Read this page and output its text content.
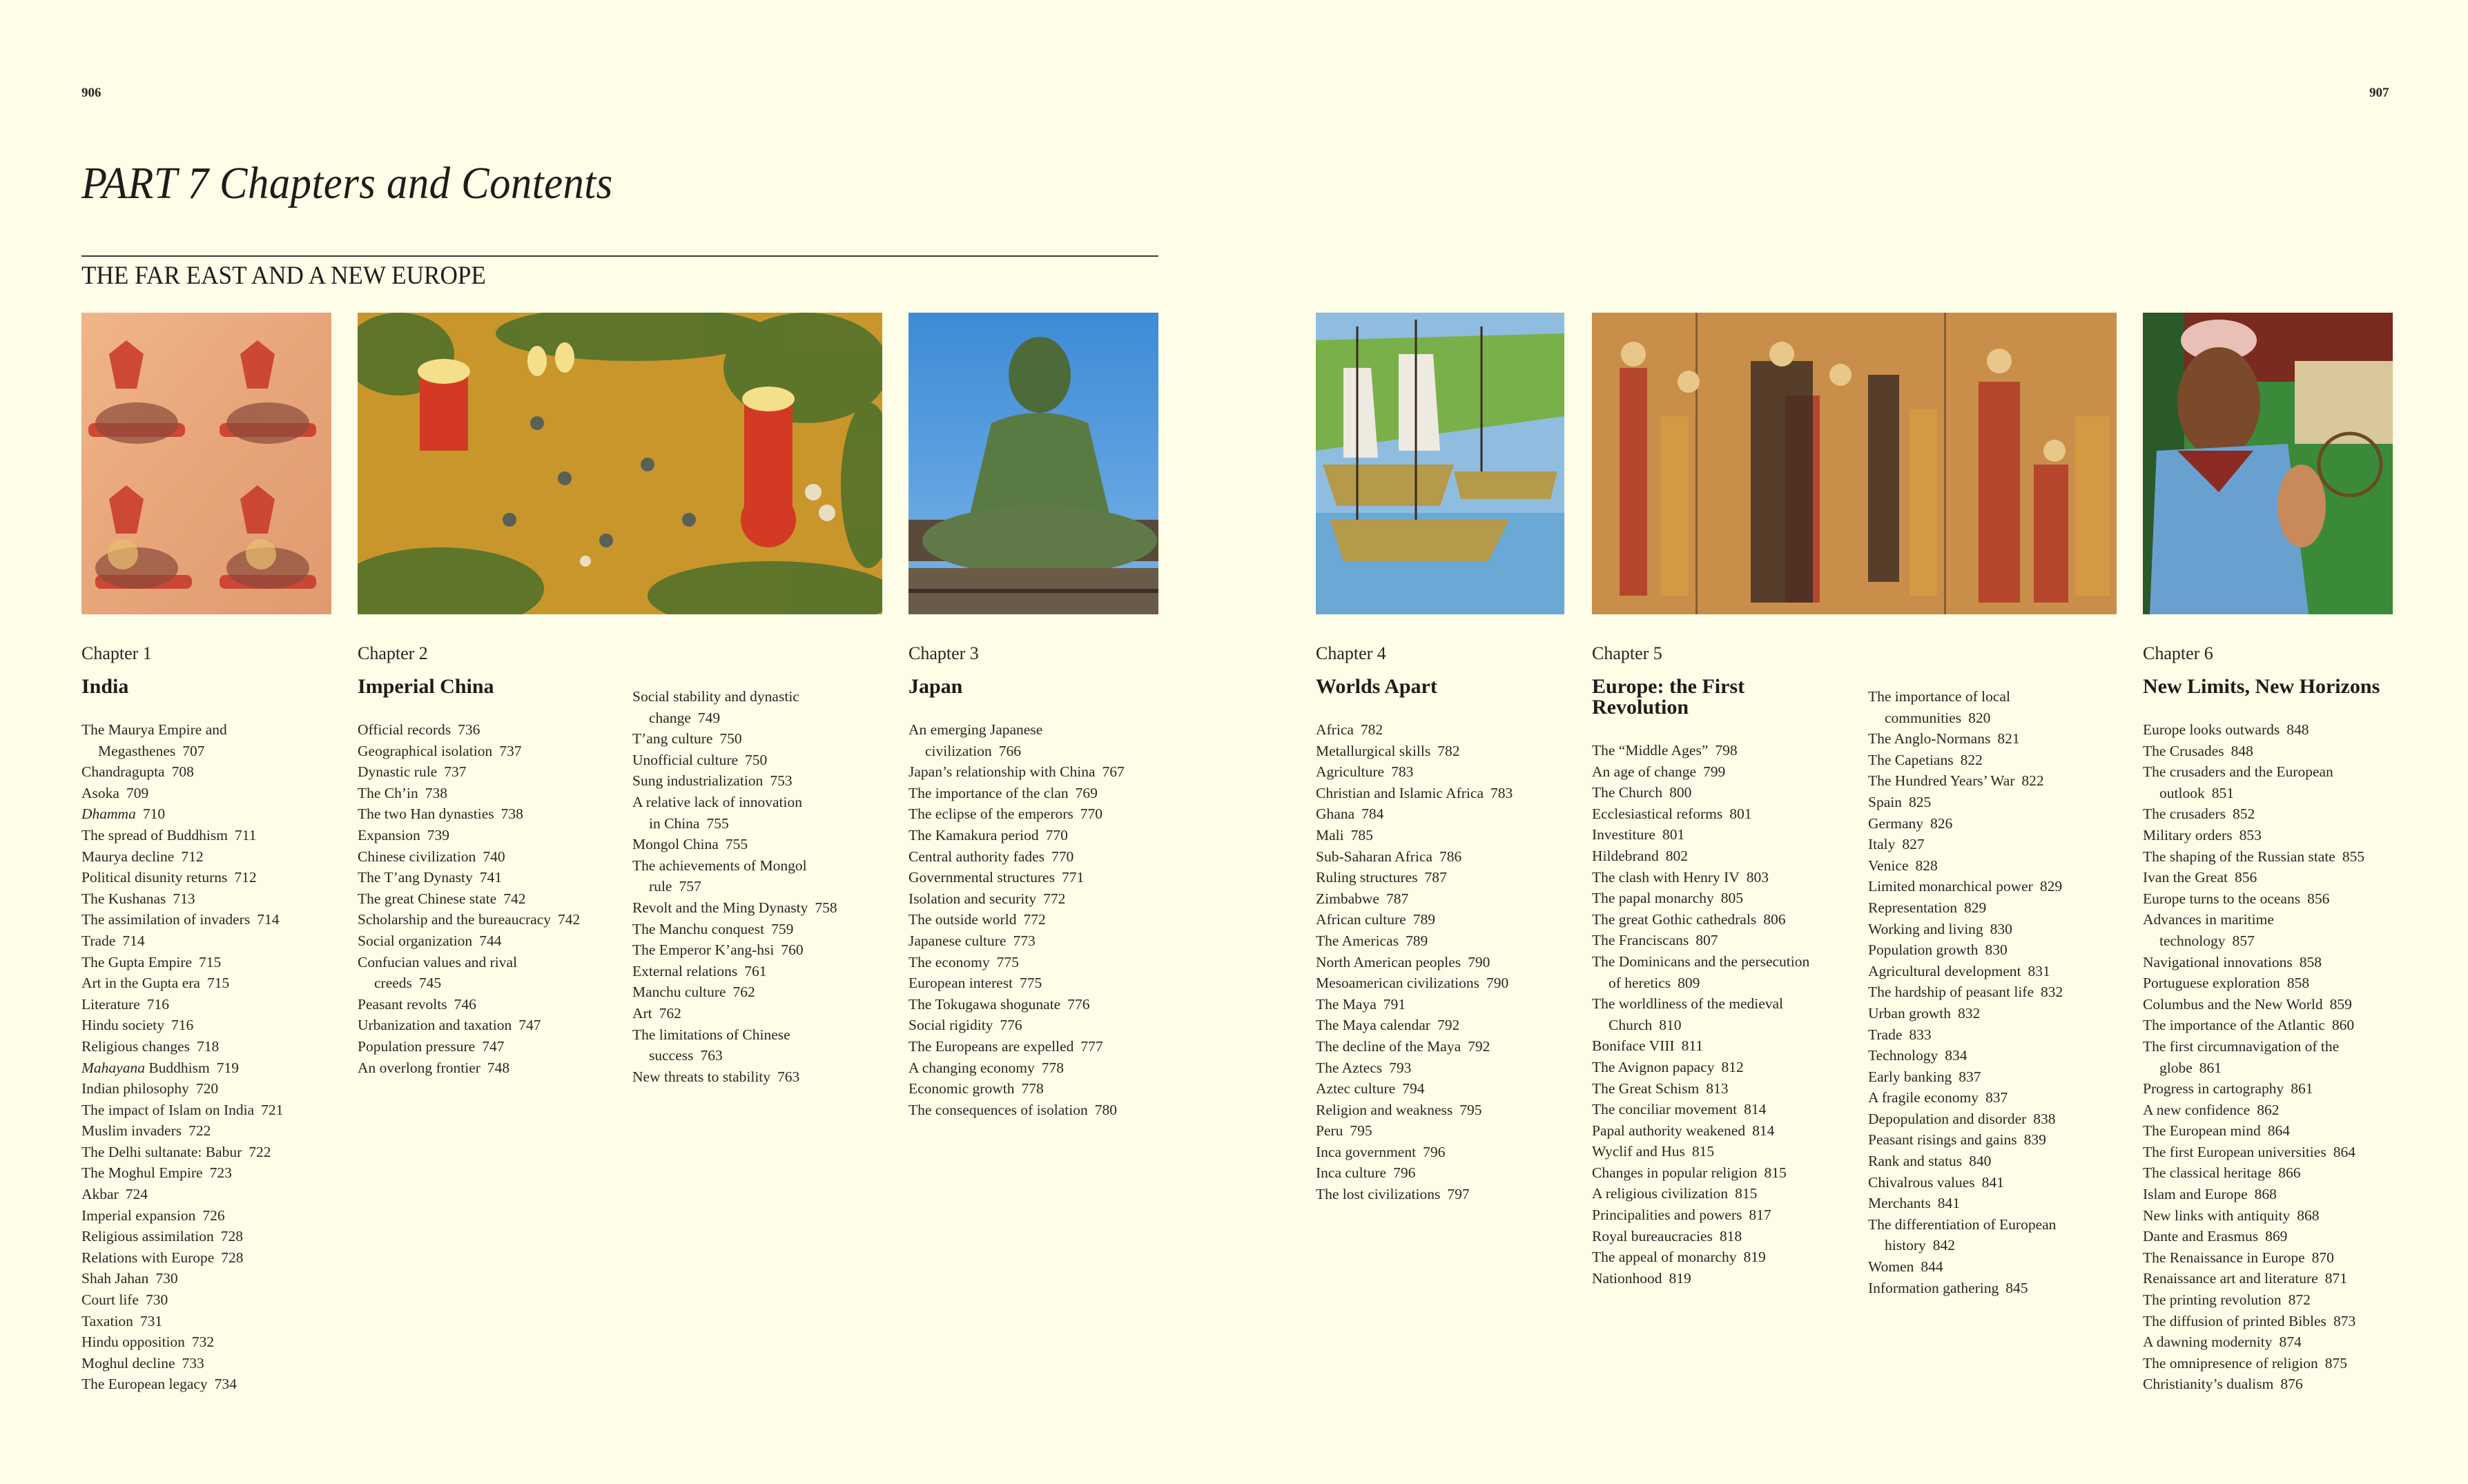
906	907
PART 7 Chapters and Contents
THE FAR EAST AND A NEW EUROPE
Chapter 1
India
The Maurya Empire and
Megasthenes 707
Chandragupta 708
Asoka 709
Dhamma 710
The spread of Buddhism 711
Maurya decline 712
Political disunity returns 712
The Kushanas 713
The assimilation of invaders 714
Trade 714
The Gupta Empire 715
Art in the Gupta era 715
Literature 716
Hindu society 716
Religious changes 718
Mahayana Buddhism 719
Indian philosophy 720
The impact of Islam on India 721
Muslim invaders 722
The Delhi sultanate: Babur 722
The Moghul Empire 723
Akbar 724
Imperial expansion 726
Religious assimilation 728
Relations with Europe 728
Shah Jahan 730
Court life 730
Taxation 731
Hindu opposition 732
Moghul decline 733
The European legacy 734
Chapter 2
Imperial China
Official records 736
Geographical isolation 737
Dynastic rule 737
The Ch’in 738
The two Han dynasties 738
Expansion 739
Chinese civilization 740
The T’ang Dynasty 741
The great Chinese state 742
Scholarship and the bureaucracy 742
Social organization 744
Confucian values and rival
creeds 745
Peasant revolts 746
Urbanization and taxation 747
Population pressure 747
An overlong frontier 748
Social stability and dynastic
change 749
T’ang culture 750
Unofficial culture 750
Sung industrialization 753
A relative lack of innovation
in China 755
Mongol China 755
The achievements of Mongol
rule 757
Revolt and the Ming Dynasty 758
The Manchu conquest 759
The Emperor K’ang-hsi 760
External relations 761
Manchu culture 762
Art 762
The limitations of Chinese
success 763
New threats to stability 763
Chapter 3
Japan
An emerging Japanese
civilization 766
Japan’s relationship with China 767
The importance of the clan 769
The eclipse of the emperors 770
The Kamakura period 770
Central authority fades 770
Governmental structures 771
Isolation and security 772
The outside world 772
Japanese culture 773
The economy 775
European interest 775
The Tokugawa shogunate 776
Social rigidity 776
The Europeans are expelled 777
A changing economy 778
Economic growth 778
The consequences of isolation 780
Chapter 4
Worlds Apart
Africa 782
Metallurgical skills 782
Agriculture 783
Christian and Islamic Africa 783
Ghana 784
Mali 785
Sub-Saharan Africa 786
Ruling structures 787
Zimbabwe 787
African culture 789
The Americas 789
North American peoples 790
Mesoamerican civilizations 790
The Maya 791
The Maya calendar 792
The decline of the Maya 792
The Aztecs 793
Aztec culture 794
Religion and weakness 795
Peru 795
Inca government 796
Inca culture 796
The lost civilizations 797
Chapter 5
Europe: the First
Revolution
The “Middle Ages” 798
An age of change 799
The Church 800
Ecclesiastical reforms 801
Investiture 801
Hildebrand 802
The clash with Henry IV 803
The papal monarchy 805
The great Gothic cathedrals 806
The Franciscans 807
The Dominicans and the persecution
of heretics 809
The worldliness of the medieval
Church 810
Boniface VIII 811
The Avignon papacy 812
The Great Schism 813
The conciliar movement 814
Papal authority weakened 814
Wyclif and Hus 815
Changes in popular religion 815
A religious civilization 815
Principalities and powers 817
Royal bureaucracies 818
The appeal of monarchy 819
Nationhood 819
The importance of local
communities 820
The Anglo-Normans 821
The Capetians 822
The Hundred Years’ War 822
Spain 825
Germany 826
Italy 827
Venice 828
Limited monarchical power 829
Representation 829
Working and living 830
Population growth 830
Agricultural development 831
The hardship of peasant life 832
Urban growth 832
Trade 833
Technology 834
Early banking 837
A fragile economy 837
Depopulation and disorder 838
Peasant risings and gains 839
Rank and status 840
Chivalrous values 841
Merchants 841
The differentiation of European
history 842
Women 844
Information gathering 845
Chapter 6
New Limits, New Horizons
Europe looks outwards 848
The Crusades 848
The crusaders and the European
outlook 851
The crusaders 852
Military orders 853
The shaping of the Russian state 855
Ivan the Great 856
Europe turns to the oceans 856
Advances in maritime
technology 857
Navigational innovations 858
Portuguese exploration 858
Columbus and the New World 859
The importance of the Atlantic 860
The first circumnavigation of the
globe 861
Progress in cartography 861
A new confidence 862
The European mind 864
The first European universities 864
The classical heritage 866
Islam and Europe 868
New links with antiquity 868
Dante and Erasmus 869
The Renaissance in Europe 870
Renaissance art and literature 871
The printing revolution 872
The diffusion of printed Bibles 873
A dawning modernity 874
The omnipresence of religion 875
Christianity’s dualism 876
